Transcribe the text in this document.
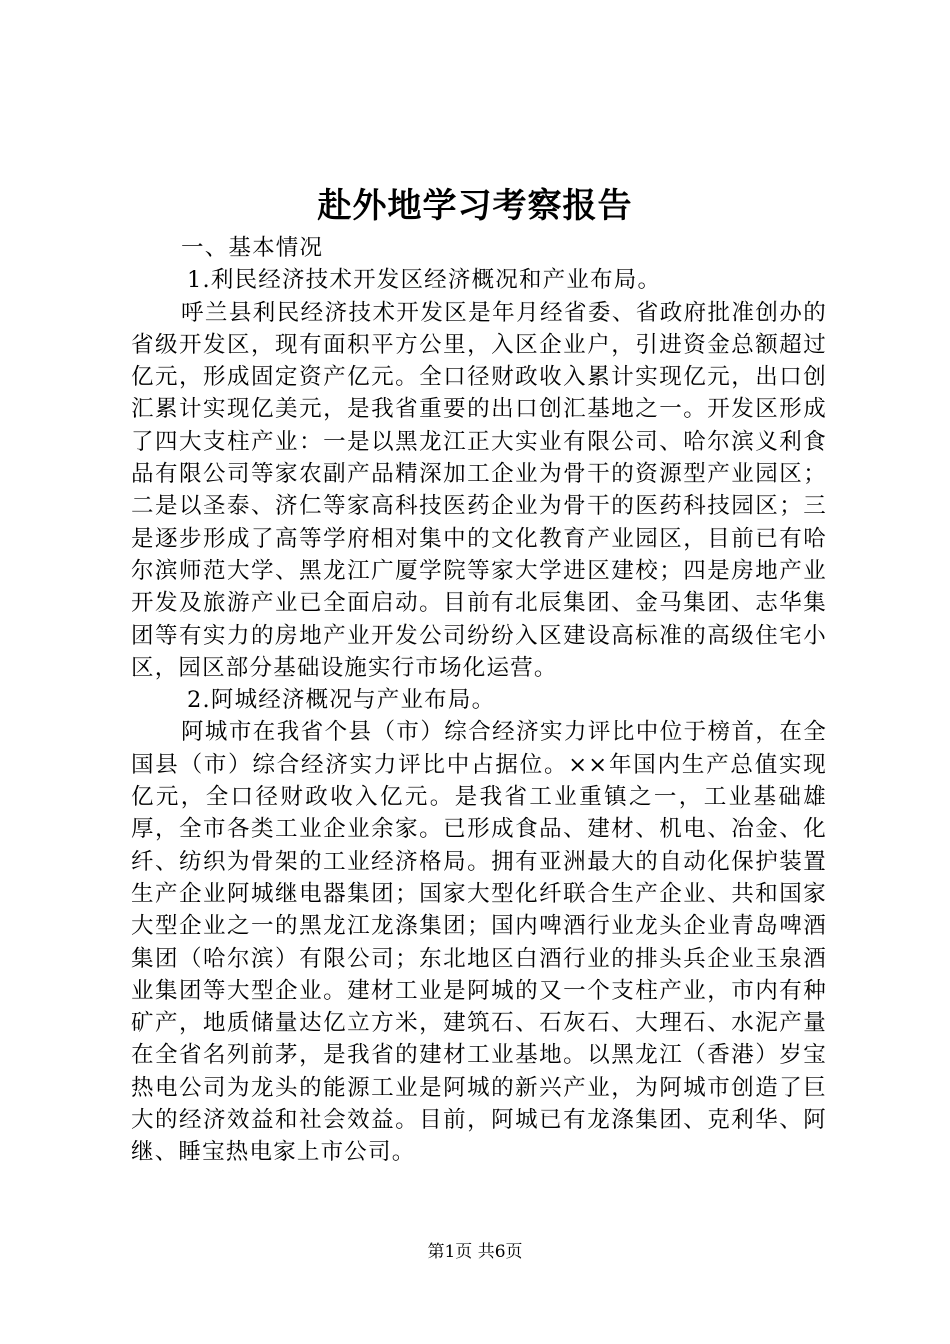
赴外地学习考察报告

一、基本情况

1.利民经济技术开发区经济概况和产业布局。

呼兰县利民经济技术开发区是年月经省委、省政府批准创办的省级开发区，现有面积平方公里，入区企业户，引进资金总额超过亿元，形成固定资产亿元。全口径财政收入累计实现亿元，出口创汇累计实现亿美元，是我省重要的出口创汇基地之一。开发区形成了四大支柱产业：一是以黑龙江正大实业有限公司、哈尔滨义利食品有限公司等家农副产品精深加工企业为骨干的资源型产业园区；二是以圣泰、济仁等家高科技医药企业为骨干的医药科技园区；三是逐步形成了高等学府相对集中的文化教育产业园区，目前已有哈尔滨师范大学、黑龙江广厦学院等家大学进区建校；四是房地产业开发及旅游产业已全面启动。目前有北辰集团、金马集团、志华集团等有实力的房地产业开发公司纷纷入区建设高标准的高级住宅小区，园区部分基础设施实行市场化运营。

2.阿城经济概况与产业布局。

阿城市在我省个县（市）综合经济实力评比中位于榜首，在全国县（市）综合经济实力评比中占据位。××年国内生产总值实现亿元，全口径财政收入亿元。是我省工业重镇之一，工业基础雄厚，全市各类工业企业余家。已形成食品、建材、机电、冶金、化纤、纺织为骨架的工业经济格局。拥有亚洲最大的自动化保护装置生产企业阿城继电器集团；国家大型化纤联合生产企业、共和国家大型企业之一的黑龙江龙涤集团；国内啤酒行业龙头企业青岛啤酒集团（哈尔滨）有限公司；东北地区白酒行业的排头兵企业玉泉酒业集团等大型企业。建材工业是阿城的又一个支柱产业，市内有种矿产，地质储量达亿立方米，建筑石、石灰石、大理石、水泥产量在全省名列前茅，是我省的建材工业基地。以黑龙江（香港）岁宝热电公司为龙头的能源工业是阿城的新兴产业，为阿城市创造了巨大的经济效益和社会效益。目前，阿城已有龙涤集团、克利华、阿继、睡宝热电家上市公司。

第1页 共6页
